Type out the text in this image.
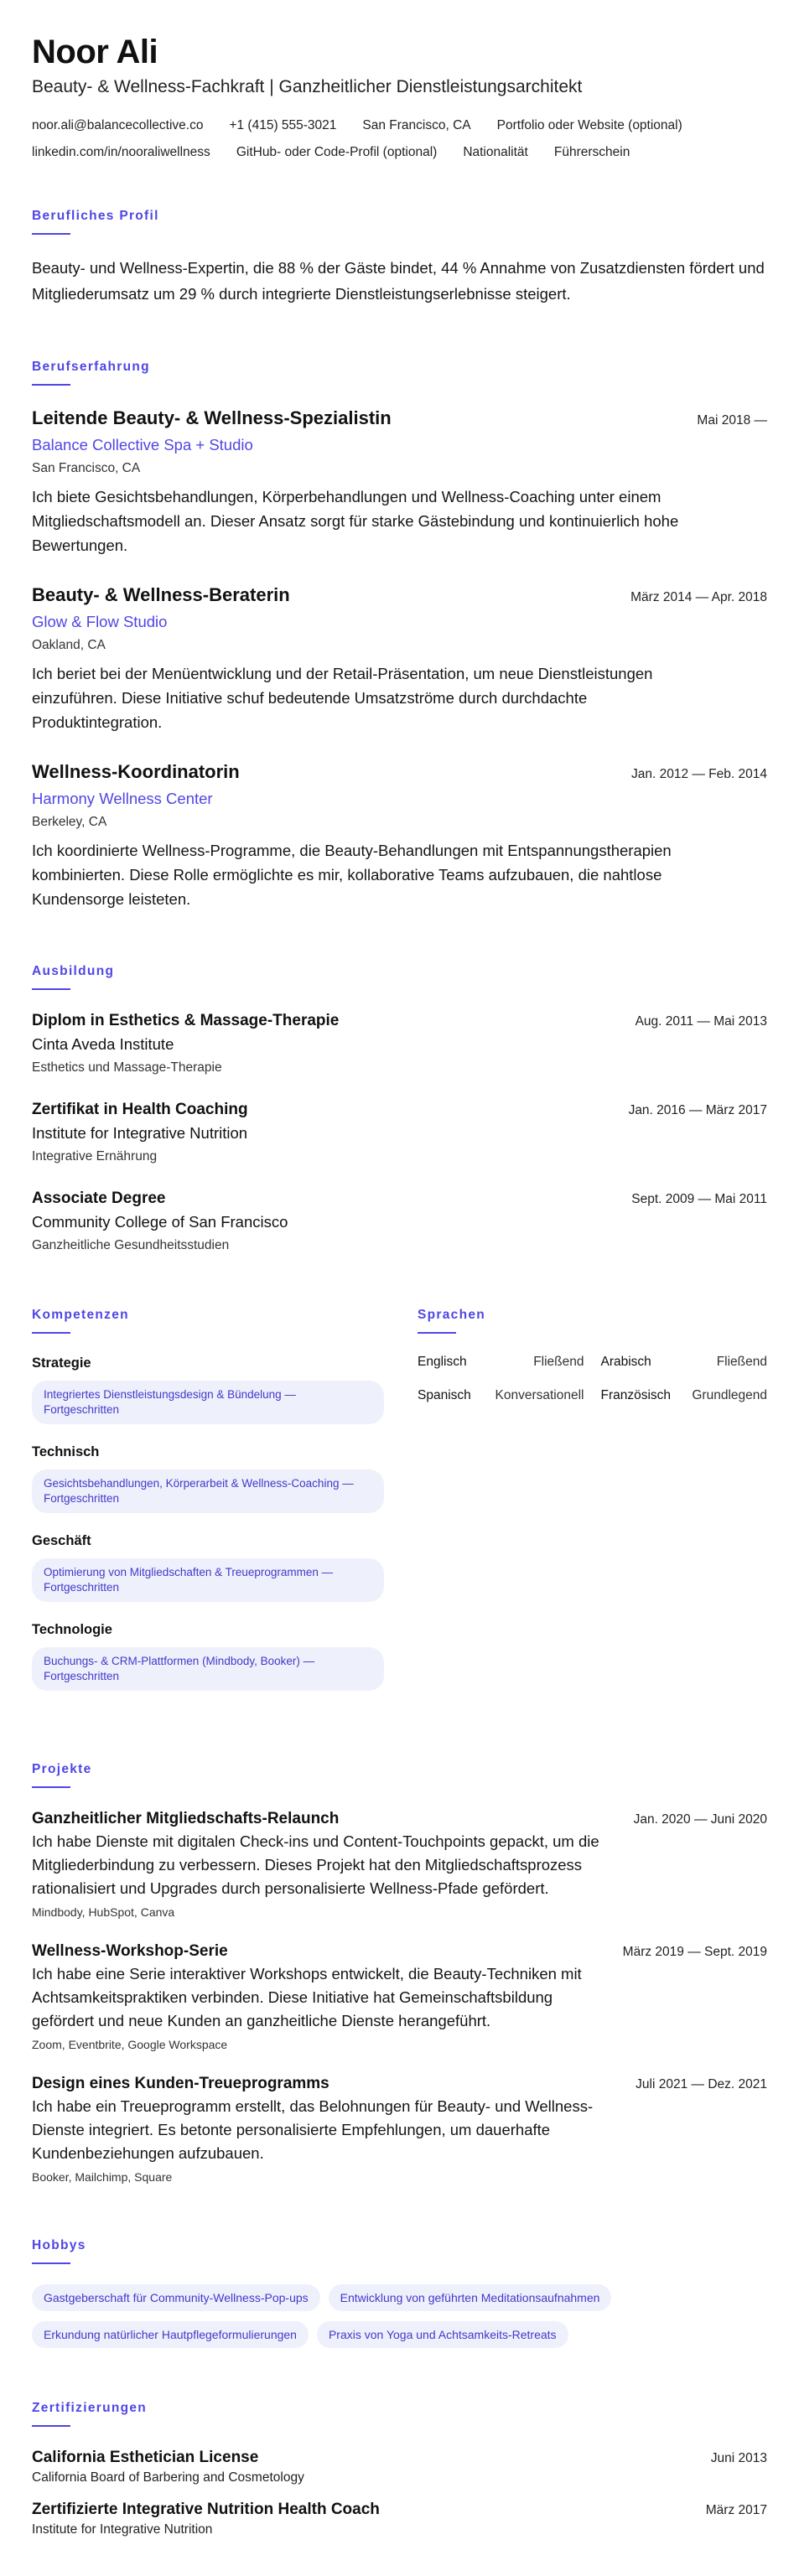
Noor Ali
Beauty- & Wellness-Fachkraft | Ganzheitlicher Dienstleistungsarchitekt
noor.ali@balancecollective.co +1 (415) 555-3021 San Francisco, CA Portfolio oder Website (optional)
linkedin.com/in/nooraliwellness GitHub- oder Code-Profil (optional) Nationalität Führerschein
Berufliches Profil
Beauty- und Wellness-Expertin, die 88 % der Gäste bindet, 44 % Annahme von Zusatzdiensten fördert und Mitgliederumsatz um 29 % durch integrierte Dienstleistungserlebnisse steigert.
Berufserfahrung
Leitende Beauty- & Wellness-Spezialistin	Mai 2018 —
Balance Collective Spa + Studio
San Francisco, CA
Ich biete Gesichtsbehandlungen, Körperbehandlungen und Wellness-Coaching unter einem Mitgliedschaftsmodell an. Dieser Ansatz sorgt für starke Gästebindung und kontinuierlich hohe Bewertungen.
Beauty- & Wellness-Beraterin	März 2014 — Apr. 2018
Glow & Flow Studio
Oakland, CA
Ich beriet bei der Menüentwicklung und der Retail-Präsentation, um neue Dienstleistungen einzuführen. Diese Initiative schuf bedeutende Umsatzströme durch durchdachte Produktintegration.
Wellness-Koordinatorin	Jan. 2012 — Feb. 2014
Harmony Wellness Center
Berkeley, CA
Ich koordinierte Wellness-Programme, die Beauty-Behandlungen mit Entspannungstherapien kombinierten. Diese Rolle ermöglichte es mir, kollaborative Teams aufzubauen, die nahtlose Kundensorge leisteten.
Ausbildung
Diplom in Esthetics & Massage-Therapie	Aug. 2011 — Mai 2013
Cinta Aveda Institute
Esthetics und Massage-Therapie
Zertifikat in Health Coaching	Jan. 2016 — März 2017
Institute for Integrative Nutrition
Integrative Ernährung
Associate Degree	Sept. 2009 — Mai 2011
Community College of San Francisco
Ganzheitliche Gesundheitsstudien
Kompetenzen
Strategie
Integriertes Dienstleistungsdesign & Bündelung — Fortgeschritten
Technisch
Gesichtsbehandlungen, Körperarbeit & Wellness-Coaching — Fortgeschritten
Geschäft
Optimierung von Mitgliedschaften & Treueprogrammen — Fortgeschritten
Technologie
Buchungs- & CRM-Plattformen (Mindbody, Booker) — Fortgeschritten
Sprachen
Englisch	Fließend Arabisch	Fließend
Spanisch Konversationell Französisch Grundlegend
Projekte
Ganzheitlicher Mitgliedschafts-Relaunch	Jan. 2020 — Juni 2020
Ich habe Dienste mit digitalen Check-ins und Content-Touchpoints gepackt, um die Mitgliederbindung zu verbessern. Dieses Projekt hat den Mitgliedschaftsprozess rationalisiert und Upgrades durch personalisierte Wellness-Pfade gefördert.
Mindbody, HubSpot, Canva
Wellness-Workshop-Serie	März 2019 — Sept. 2019
Ich habe eine Serie interaktiver Workshops entwickelt, die Beauty-Techniken mit Achtsamkeitspraktiken verbinden. Diese Initiative hat Gemeinschaftsbildung gefördert und neue Kunden an ganzheitliche Dienste herangeführt.
Zoom, Eventbrite, Google Workspace
Design eines Kunden-Treueprogramms	Juli 2021 — Dez. 2021
Ich habe ein Treueprogramm erstellt, das Belohnungen für Beauty- und Wellness-Dienste integriert. Es betonte personalisierte Empfehlungen, um dauerhafte Kundenbeziehungen aufzubauen.
Booker, Mailchimp, Square
Hobbys
Gastgeberschaft für Community-Wellness-Pop-ups	Entwicklung von geführten Meditationsaufnahmen
Erkundung natürlicher Hautpflegeformulierungen	Praxis von Yoga und Achtsamkeits-Retreats
Zertifizierungen
California Esthetician License	Juni 2013
California Board of Barbering and Cosmetology
Zertifizierte Integrative Nutrition Health Coach	März 2017
Institute for Integrative Nutrition
